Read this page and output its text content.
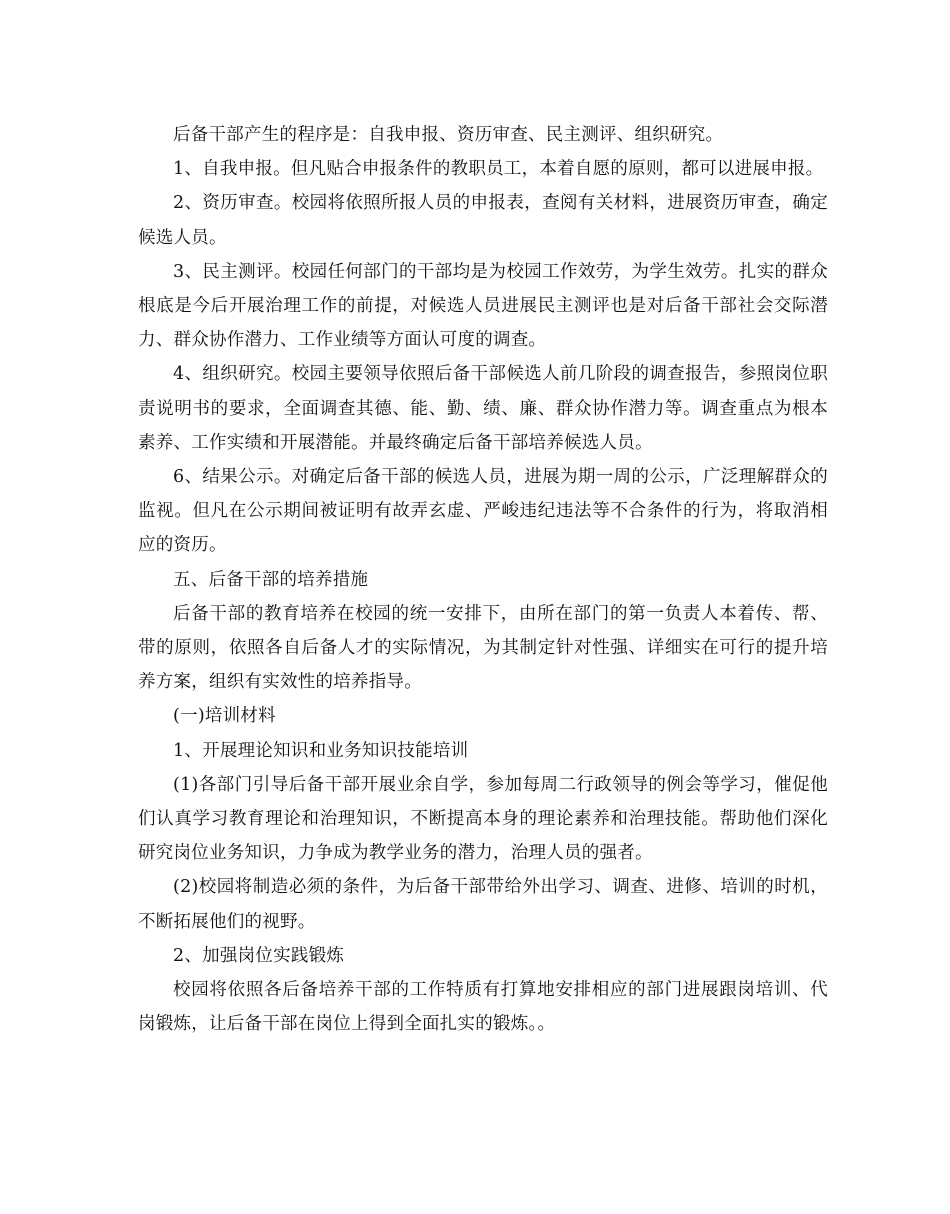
后备干部产生的程序是：自我申报、资历审查、民主测评、组织研究。

1、自我申报。但凡贴合申报条件的教职员工，本着自愿的原则，都可以进展申报。

2、资历审查。校园将依照所报人员的申报表，查阅有关材料，进展资历审查，确定候选人员。

3、民主测评。校园任何部门的干部均是为校园工作效劳，为学生效劳。扎实的群众根底是今后开展治理工作的前提，对候选人员进展民主测评也是对后备干部社会交际潜力、群众协作潜力、工作业绩等方面认可度的调查。

4、组织研究。校园主要领导依照后备干部候选人前几阶段的调查报告，参照岗位职责说明书的要求，全面调查其德、能、勤、绩、廉、群众协作潜力等。调查重点为根本素养、工作实绩和开展潜能。并最终确定后备干部培养候选人员。

6、结果公示。对确定后备干部的候选人员，进展为期一周的公示，广泛理解群众的监视。但凡在公示期间被证明有故弄玄虚、严峻违纪违法等不合条件的行为，将取消相应的资历。

五、后备干部的培养措施

后备干部的教育培养在校园的统一安排下，由所在部门的第一负责人本着传、帮、带的原则，依照各自后备人才的实际情况，为其制定针对性强、详细实在可行的提升培养方案，组织有实效性的培养指导。

(一)培训材料

1、开展理论知识和业务知识技能培训

(1)各部门引导后备干部开展业余自学，参加每周二行政领导的例会等学习，催促他们认真学习教育理论和治理知识，不断提高本身的理论素养和治理技能。帮助他们深化研究岗位业务知识，力争成为教学业务的潜力，治理人员的强者。

(2)校园将制造必须的条件，为后备干部带给外出学习、调查、进修、培训的时机，不断拓展他们的视野。

2、加强岗位实践锻炼

校园将依照各后备培养干部的工作特质有打算地安排相应的部门进展跟岗培训、代岗锻炼，让后备干部在岗位上得到全面扎实的锻炼。。
